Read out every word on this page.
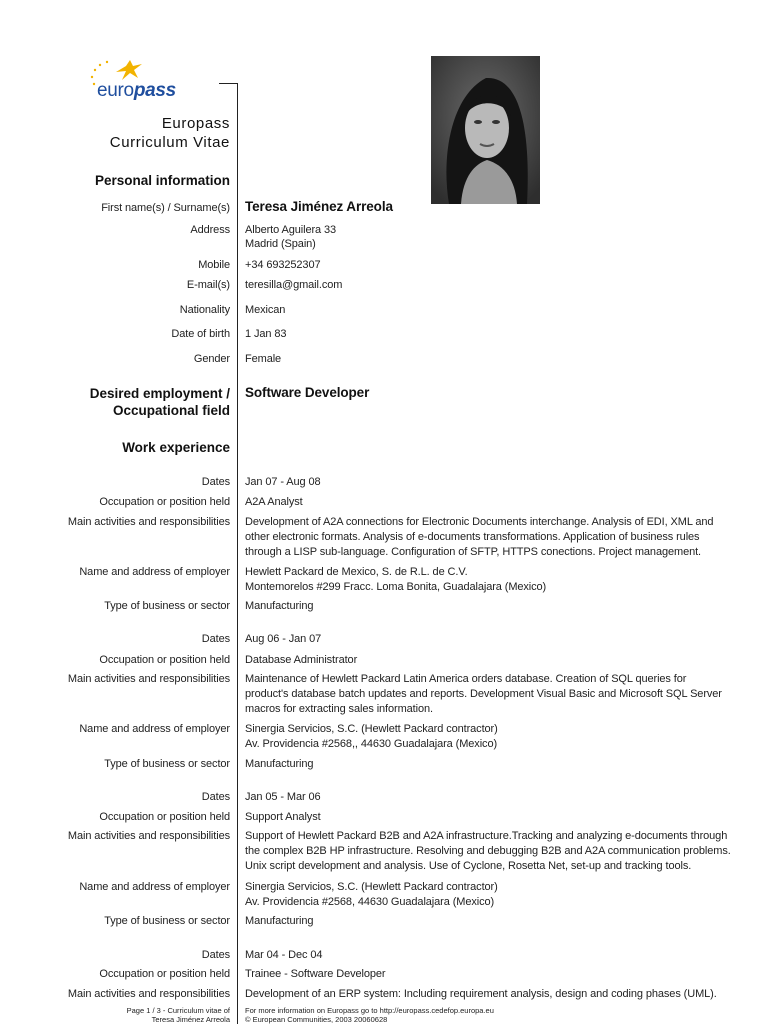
europass
Europass
Curriculum Vitae
Personal information
First name(s) / Surname(s) Teresa Jiménez Arreola
Address Alberto Aguilera 33
Madrid (Spain)
Mobile +34 693252307
E-mail(s) teresilla@gmail.com
Nationality Mexican
Date of birth 1 Jan 83
Gender Female
Desired employment /
Occupational field
Software Developer
Work experience
Dates Jan 07 - Aug 08
Occupation or position held A2A Analyst
Main activities and responsibilities Development of A2A connections for Electronic Documents interchange. Analysis of EDI, XML and
other electronic formats. Analysis of e-documents transformations. Application of business rules
through a LISP sub-language. Configuration of SFTP, HTTPS conections. Project management.
Name and address of employer Hewlett Packard de Mexico, S. de R.L. de C.V.
Montemorelos #299 Fracc. Loma Bonita, Guadalajara (Mexico)
Type of business or sector Manufacturing
Dates Aug 06 - Jan 07
Occupation or position held Database Administrator
Main activities and responsibilities Maintenance of Hewlett Packard Latin America orders database. Creation of SQL queries for
product's database batch updates and reports. Development Visual Basic and Microsoft SQL Server
macros for extracting sales information.
Name and address of employer Sinergia Servicios, S.C. (Hewlett Packard contractor)
Av. Providencia #2568,, 44630 Guadalajara (Mexico)
Type of business or sector Manufacturing
Dates Jan 05 - Mar 06
Occupation or position held Support Analyst
Main activities and responsibilities Support of Hewlett Packard B2B and A2A infrastructure.Tracking and analyzing e-documents through
the complex B2B HP infrastructure. Resolving and debugging B2B and A2A communication problems.
Unix script development and analysis. Use of Cyclone, Rosetta Net, set-up and tracking tools.
Name and address of employer Sinergia Servicios, S.C. (Hewlett Packard contractor)
Av. Providencia #2568, 44630 Guadalajara (Mexico)
Type of business or sector Manufacturing
Dates Mar 04 - Dec 04
Occupation or position held Trainee - Software Developer
Main activities and responsibilities Development of an ERP system: Including requirement analysis, design and coding phases (UML).
Page 1 / 3 - Curriculum vitae of
Teresa Jiménez Arreola
For more information on Europass go to http://europass.cedefop.europa.eu
© European Communities, 2003 20060628
